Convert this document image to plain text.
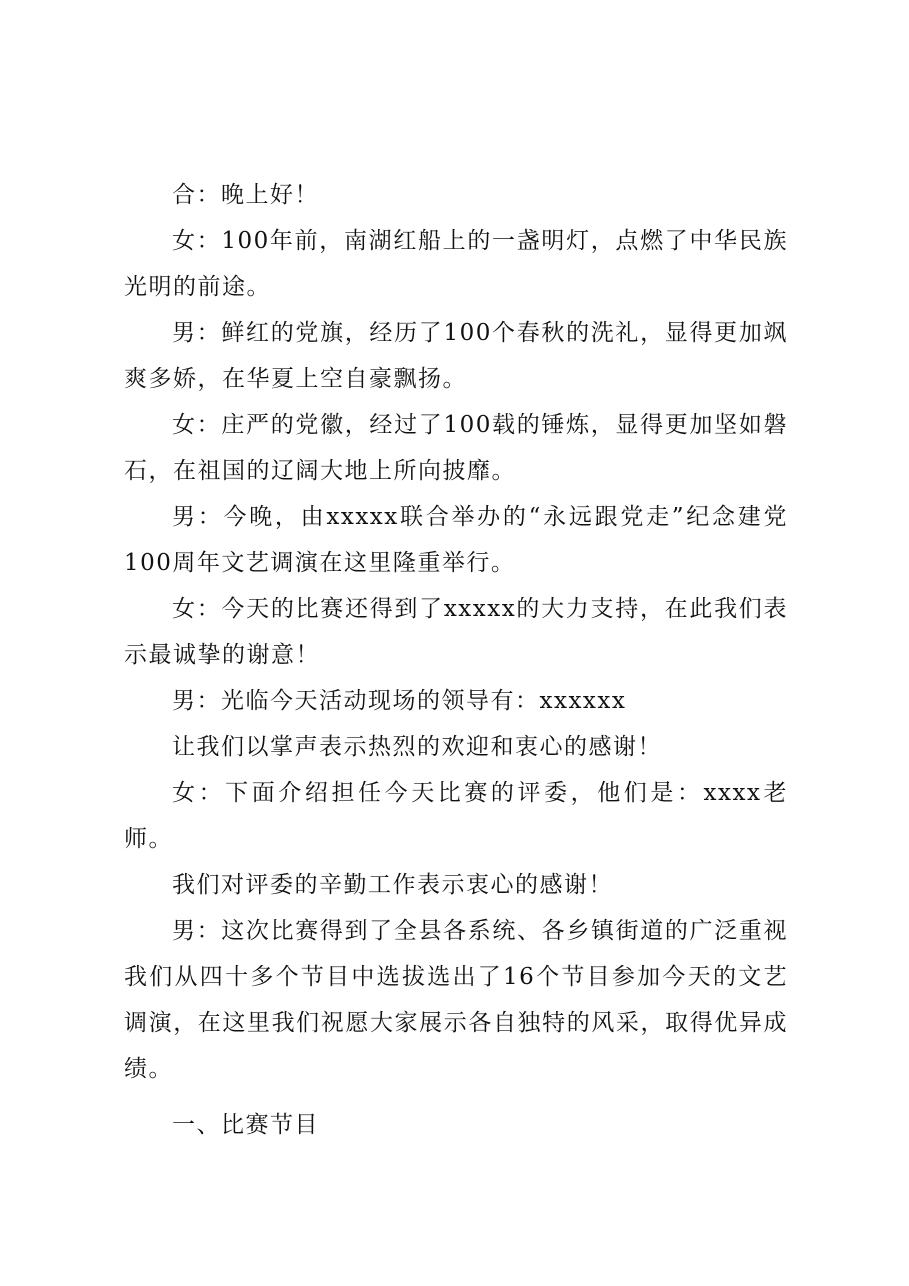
合：晚上好！

女：100年前，南湖红船上的一盏明灯，点燃了中华民族光明的前途。

男：鲜红的党旗，经历了100个春秋的洗礼，显得更加飒爽多娇，在华夏上空自豪飘扬。

女：庄严的党徽，经过了100载的锤炼，显得更加坚如磐石，在祖国的辽阔大地上所向披靡。

男：今晚，由xxxxx联合举办的“永远跟党走”纪念建党100周年文艺调演在这里隆重举行。

女：今天的比赛还得到了xxxxx的大力支持，在此我们表示最诚挚的谢意！

男：光临今天活动现场的领导有：xxxxxx

让我们以掌声表示热烈的欢迎和衷心的感谢！

女：下面介绍担任今天比赛的评委，他们是：xxxx老师。

我们对评委的辛勤工作表示衷心的感谢！

男：这次比赛得到了全县各系统、各乡镇街道的广泛重视我们从四十多个节目中选拔选出了16个节目参加今天的文艺调演，在这里我们祝愿大家展示各自独特的风采，取得优异成绩。

一、比赛节目
